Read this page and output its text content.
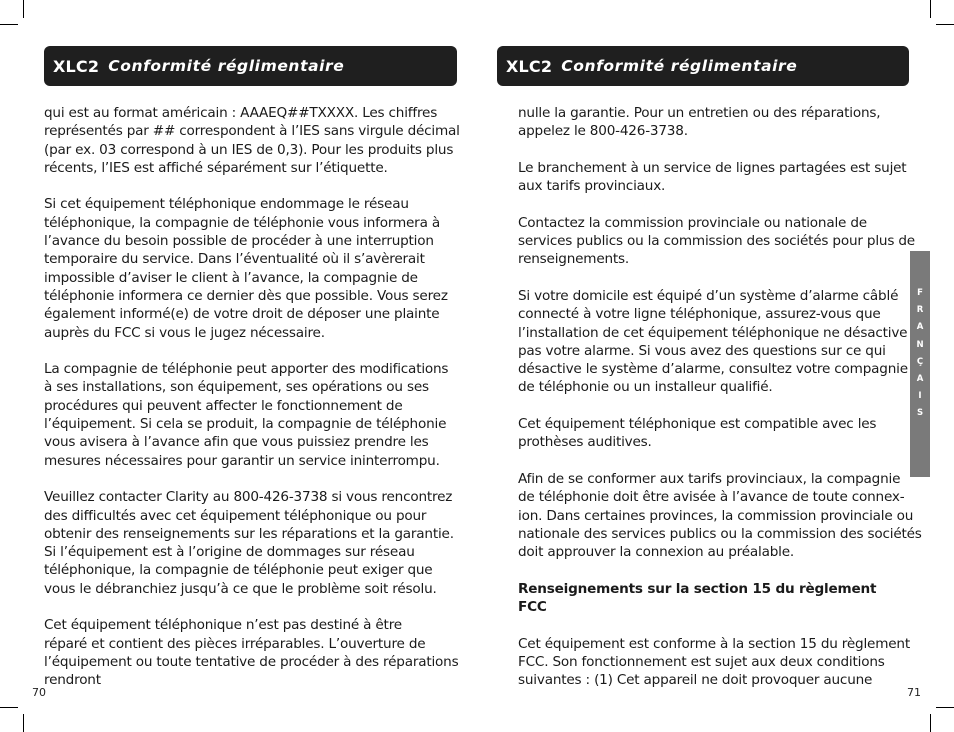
XLC2 Conformité réglimentaire
qui est au format américain : AAAEQ##TXXXX. Les chiffres
représentés par ## correspondent à l’IES sans virgule décimal
(par ex. 03 correspond à un IES de 0,3). Pour les produits plus
récents, l’IES est affiché séparément sur l’étiquette.
Si cet équipement téléphonique endommage le réseau
téléphonique, la compagnie de téléphonie vous informera à
l’avance du besoin possible de procéder à une interruption
temporaire du service. Dans l’éventualité où il s’avèrerait
impossible d’aviser le client à l’avance, la compagnie de
téléphonie informera ce dernier dès que possible. Vous serez
également informé(e) de votre droit de déposer une plainte
auprès du FCC si vous le jugez nécessaire.
La compagnie de téléphonie peut apporter des modifications
à ses installations, son équipement, ses opérations ou ses
procédures qui peuvent affecter le fonctionnement de
l’équipement. Si cela se produit, la compagnie de téléphonie
vous avisera à l’avance afin que vous puissiez prendre les
mesures nécessaires pour garantir un service ininterrompu.
Veuillez contacter Clarity au 800-426-3738 si vous rencontrez
des difficultés avec cet équipement téléphonique ou pour
obtenir des renseignements sur les réparations et la garantie.
Si l’équipement est à l’origine de dommages sur réseau
téléphonique, la compagnie de téléphonie peut exiger que
vous le débranchiez jusqu’à ce que le problème soit résolu.
Cet équipement téléphonique n’est pas destiné à être
réparé et contient des pièces irréparables. L’ouverture de
l’équipement ou toute tentative de procéder à des réparations
rendront
70
XLC2 Conformité réglimentaire
nulle la garantie. Pour un entretien ou des réparations,
appelez le 800-426-3738.
Le branchement à un service de lignes partagées est sujet
aux tarifs provinciaux.
Contactez la commission provinciale ou nationale de
services publics ou la commission des sociétés pour plus de
renseignements.
Si votre domicile est équipé d’un système d’alarme câblé
connecté à votre ligne téléphonique, assurez-vous que
l’installation de cet équipement téléphonique ne désactive
pas votre alarme. Si vous avez des questions sur ce qui
désactive le système d’alarme, consultez votre compagnie
de téléphonie ou un installeur qualifié.
Cet équipement téléphonique est compatible avec les
prothèses auditives.
Afin de se conformer aux tarifs provinciaux, la compagnie
de téléphonie doit être avisée à l’avance de toute connex-
ion. Dans certaines provinces, la commission provinciale ou
nationale des services publics ou la commission des sociétés
doit approuver la connexion au préalable.
Renseignements sur la section 15 du règlement
FCC
Cet équipement est conforme à la section 15 du règlement
FCC. Son fonctionnement est sujet aux deux conditions
suivantes : (1) Cet appareil ne doit provoquer aucune
71
F
R
A
N
Ç
A
I
S
